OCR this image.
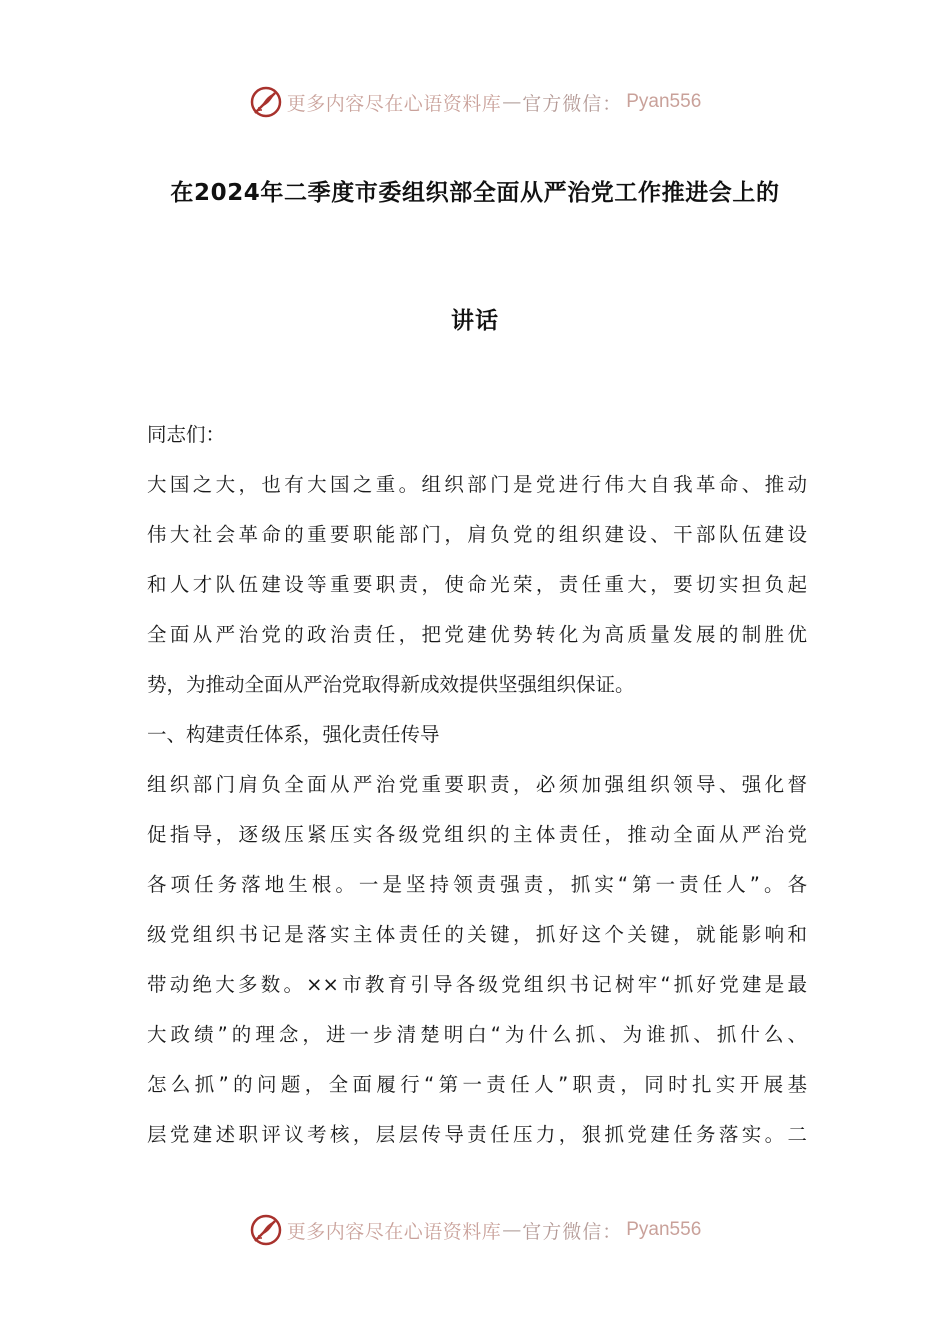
更多内容尽在心语资料库 — 官方微信： Pyan556
在2024年二季度市委组织部全面从严治党工作推进会上的
讲话
同志们：
大国之大，也有大国之重。组织部门是党进行伟大自我革命、推动
伟大社会革命的重要职能部门，肩负党的组织建设、干部队伍建设
和人才队伍建设等重要职责，使命光荣，责任重大，要切实担负起
全面从严治党的政治责任，把党建优势转化为高质量发展的制胜优
势，为推动全面从严治党取得新成效提供坚强组织保证。
一、构建责任体系，强化责任传导
组织部门肩负全面从严治党重要职责，必须加强组织领导、强化督
促指导，逐级压紧压实各级党组织的主体责任，推动全面从严治党
各项任务落地生根。一是坚持领责强责，抓实“第一责任人”。各
级党组织书记是落实主体责任的关键，抓好这个关键，就能影响和
带动绝大多数。××市教育引导各级党组织书记树牢“抓好党建是最
大政绩”的理念，进一步清楚明白“为什么抓、为谁抓、抓什么、
怎么抓”的问题，全面履行“第一责任人”职责，同时扎实开展基
层党建述职评议考核，层层传导责任压力，狠抓党建任务落实。二
更多内容尽在心语资料库 — 官方微信： Pyan556
